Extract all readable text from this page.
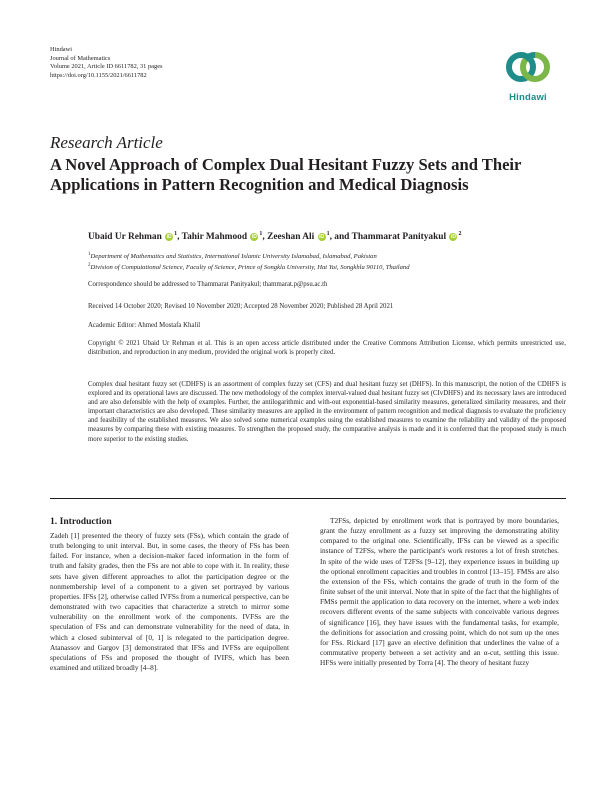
Hindawi
Journal of Mathematics
Volume 2021, Article ID 6611782, 31 pages
https://doi.org/10.1155/2021/6611782
Hindawi
Research Article
A Novel Approach of Complex Dual Hesitant Fuzzy Sets and Their Applications in Pattern Recognition and Medical Diagnosis
Ubaid Ur Rehman iD $^1$, Tahir Mahmood iD $^1$, Zeeshan Ali iD $^1$, and Thammarat Panityakul iD $^2$
$^1$Department of Mathematics and Statistics, International Islamic University Islamabad, Islamabad, Pakistan
$^2$Division of Computational Science, Faculty of Science, Prince of Songkla University, Hat Yai, Songkhla 90110, Thailand
Correspondence should be addressed to Thammarat Panityakul; thammarat.p@psu.ac.th
Received 14 October 2020; Revised 10 November 2020; Accepted 28 November 2020; Published 28 April 2021
Academic Editor: Ahmed Mostafa Khalil
Copyright © 2021 Ubaid Ur Rehman et al. This is an open access article distributed under the Creative Commons Attribution License, which permits unrestricted use, distribution, and reproduction in any medium, provided the original work is properly cited.
Complex dual hesitant fuzzy set (CDHFS) is an assortment of complex fuzzy set (CFS) and dual hesitant fuzzy set (DHFS). In this manuscript, the notion of the CDHFS is explored and its operational laws are discussed. The new methodology of the complex interval-valued dual hesitant fuzzy set (CIvDHFS) and its necessary laws are introduced and are also defensible with the help of examples. Further, the antilogarithmic and with-out exponential-based similarity measures, generalized similarity measures, and their important characteristics are also developed. These similarity measures are applied in the environment of pattern recognition and medical diagnosis to evaluate the proficiency and feasibility of the established measures. We also solved some numerical examples using the established measures to examine the reliability and validity of the proposed measures by comparing these with existing measures. To strengthen the proposed study, the comparative analysis is made and it is conferred that the proposed study is much more superior to the existing studies.
1. Introduction
Zadeh [1] presented the theory of fuzzy sets (FSs), which contain the grade of truth belonging to unit interval. But, in some cases, the theory of FSs has been failed. For instance, when a decision-maker faced information in the form of truth and falsity grades, then the FSs are not able to cope with it. In reality, these sets have given different approaches to allot the participation degree or the nonmembership level of a component to a given set portrayed by various properties. IFSs [2], otherwise called IVFSs from a numerical perspective, can be demonstrated with two capacities that characterize a stretch to mirror some vulnerability on the enrollment work of the components. IVFSs are the speculation of FSs and can demonstrate vulnerability for the need of data, in which a closed subinterval of [0, 1] is relegated to the participation degree. Atanassov and Gargov [3] demonstrated that IFSs and IVFSs are equipollent speculations of FSs and proposed the thought of IVIFS, which has been examined and utilized broadly [4–8].
T2FSs, depicted by enrollment work that is portrayed by more boundaries, grant the fuzzy enrollment as a fuzzy set improving the demonstrating ability compared to the original one. Scientifically, IFSs can be viewed as a specific instance of T2FSs, where the participant's work restores a lot of fresh stretches. In spite of the wide uses of T2FSs [9–12], they experience issues in building up the optional enrollment capacities and troubles in control [13–15]. FMSs are also the extension of the FSs, which contains the grade of truth in the form of the finite subset of the unit interval. Note that in spite of the fact that the highlights of FMSs permit the application to data recovery on the internet, where a web index recovers different events of the same subjects with conceivable various degrees of significance [16], they have issues with the fundamental tasks, for example, the definitions for association and crossing point, which do not sum up the ones for FSs. Rickard [17] gave an elective definition that underlines the value of a commutative property between a set activity and an α-cut, settling this issue. HFSs were initially presented by Torra [4]. The theory of hesitant fuzzy
